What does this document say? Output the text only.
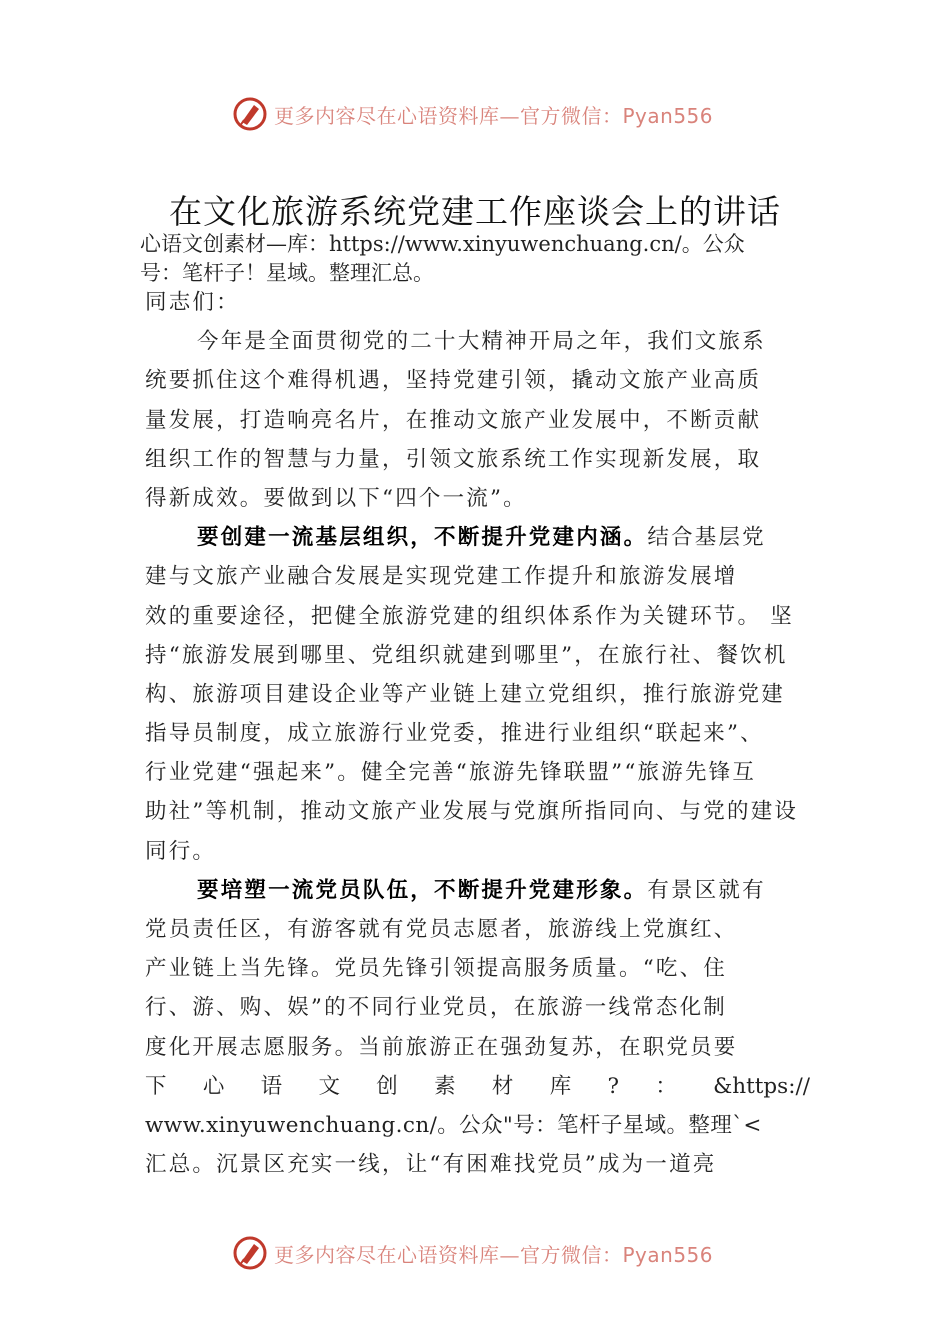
更多内容尽在心语资料库—官方微信：Pyan556
在文化旅游系统党建工作座谈会上的讲话
心语文创素材—库：https://www.xinyuwenchuang.cn/。公众
号：笔杆子！星域。整理汇总。
同志们：
今年是全面贯彻党的二十大精神开局之年，我们文旅系
统要抓住这个难得机遇，坚持党建引领，撬动文旅产业高质
量发展，打造响亮名片，在推动文旅产业发展中，不断贡献
组织工作的智慧与力量，引领文旅系统工作实现新发展，取
得新成效。要做到以下“四个一流”。
要创建一流基层组织，不断提升党建内涵。结合基层党
建与文旅产业融合发展是实现党建工作提升和旅游发展增
效的重要途径，把健全旅游党建的组织体系作为关键环节。 坚
持“旅游发展到哪里、党组织就建到哪里”，在旅行社、餐饮机
构、旅游项目建设企业等产业链上建立党组织，推行旅游党建
指导员制度，成立旅游行业党委，推进行业组织“联起来”、
行业党建“强起来”。健全完善“旅游先锋联盟”“旅游先锋互
助社”等机制，推动文旅产业发展与党旗所指同向、与党的建设
同行。
要培塑一流党员队伍，不断提升党建形象。有景区就有
党员责任区，有游客就有党员志愿者，旅游线上党旗红、
产业链上当先锋。党员先锋引领提高服务质量。“吃、住
行、游、购、娱”的不同行业党员，在旅游一线常态化制
度化开展志愿服务。当前旅游正在强劲复苏，在职党员要
下 心 语 文 创 素 材 库 ? ： &https://
www.xinyuwenchuang.cn/。公众"号：笔杆子星域。整理`<
汇总。沉景区充实一线，让“有困难找党员”成为一道亮
更多内容尽在心语资料库—官方微信：Pyan556
